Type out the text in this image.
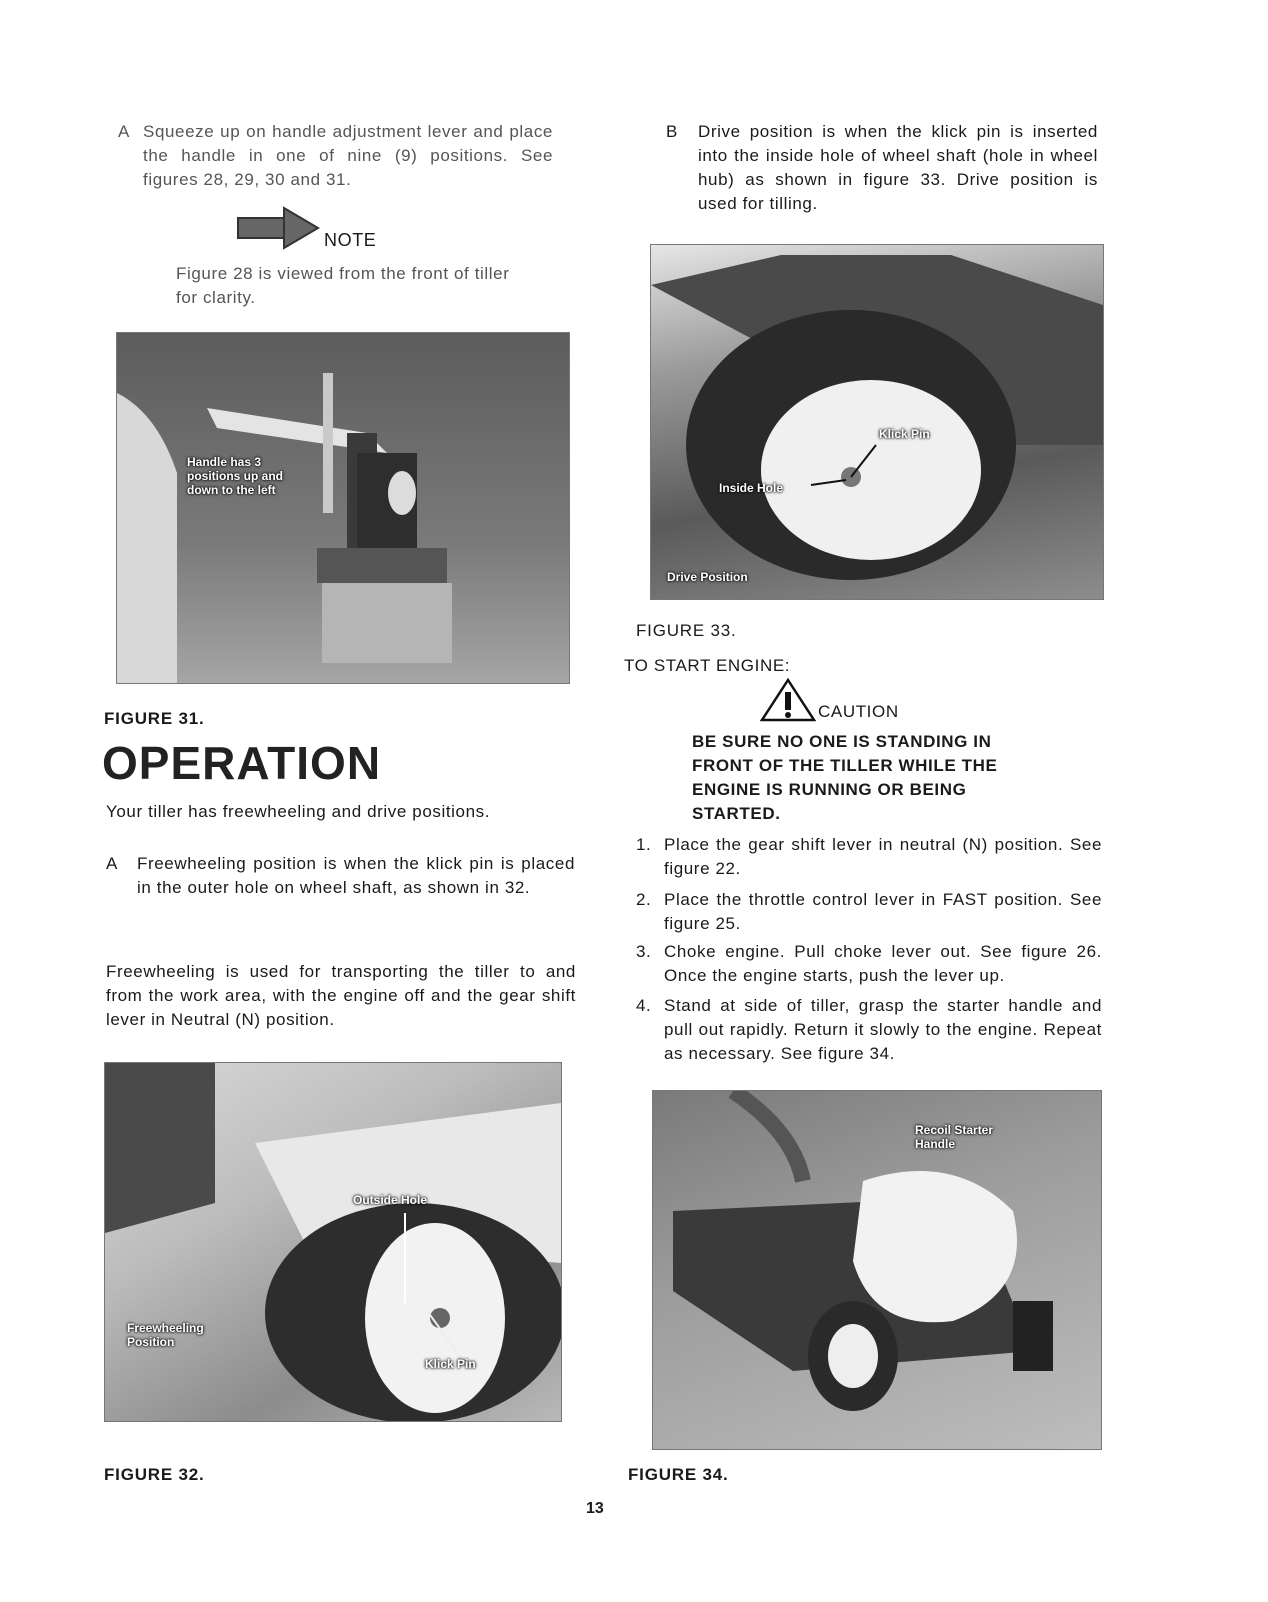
A Squeeze up on handle adjustment lever and place the handle in one of nine (9) positions. See figures 28, 29, 30 and 31.
NOTE
Figure 28 is viewed from the front of tiller for clarity.
Handle has 3 positions up and down to the left
FIGURE 31.
OPERATION
Your tiller has freewheeling and drive positions.
A	Freewheeling position is when the klick pin is placed in the outer hole on wheel shaft, as shown in 32.
Freewheeling is used for transporting the tiller to and from the work area, with the engine off and the gear shift lever in Neutral (N) position.
Outside Hole
Freewheeling Position
Klick Pin
FIGURE 32.
B	Drive position is when the klick pin is inserted into the inside hole of wheel shaft (hole in wheel hub) as shown in figure 33. Drive position is used for tilling.
Klick Pin
Inside Hole
Drive Position
FIGURE 33.
TO START ENGINE:
CAUTION
BE SURE NO ONE IS STANDING IN FRONT OF THE TILLER WHILE THE ENGINE IS RUNNING OR BEING STARTED.
1. Place the gear shift lever in neutral (N) position. See figure 22.
2. Place the throttle control lever in FAST position. See figure 25.
3. Choke engine. Pull choke lever out. See figure 26. Once the engine starts, push the lever up.
4. Stand at side of tiller, grasp the starter handle and pull out rapidly. Return it slowly to the engine. Repeat as necessary. See figure 34.
Recoil Starter Handle
FIGURE 34.
13
